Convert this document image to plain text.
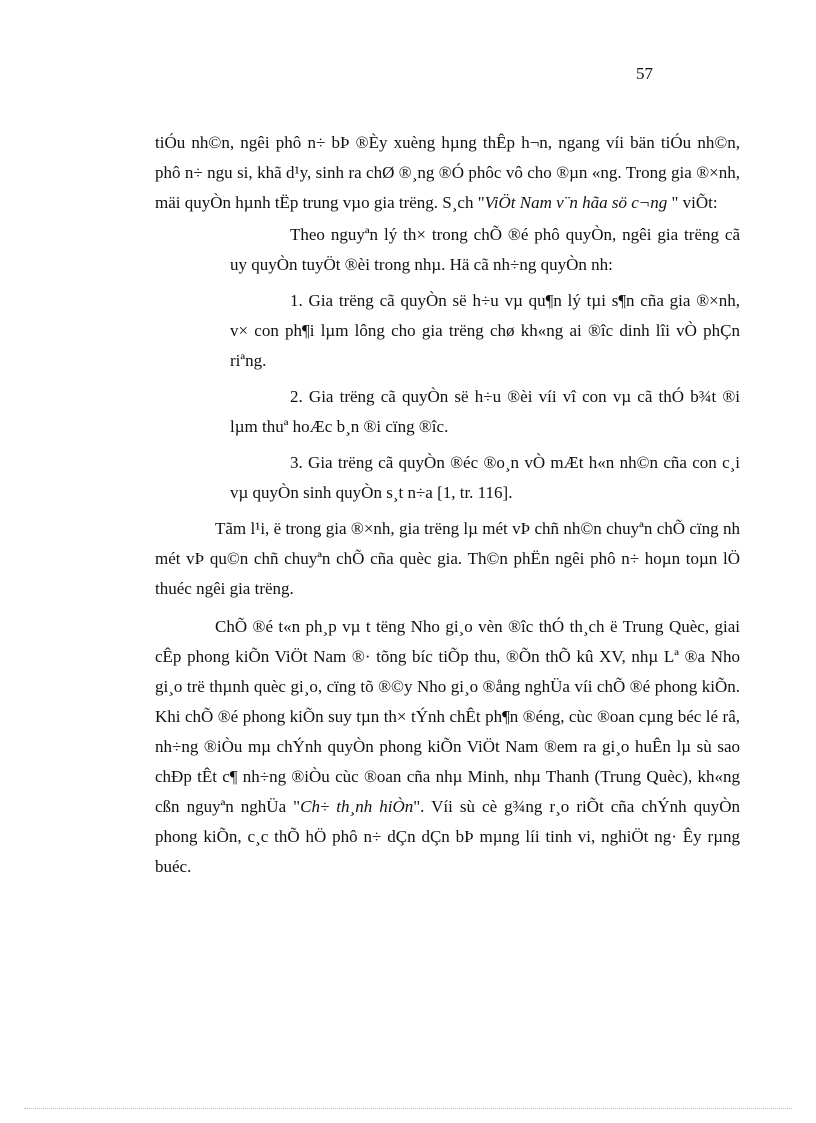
57

tiÓu nh©n, ngêi phô n÷ bÞ ®Èy xuèng hµng thÊp h¬n, ngang víi bän tiÓu nh©n, phô n÷ ngu si, khã d¹y, sinh ra chØ ®¸ng ®Ó phôc vô cho ®µn «ng. Trong gia ®×nh, mäi quyÒn hµnh tËp trung vµo gia trëng. S¸ch "ViÖt Nam v¨n hãa sö c¬ng " viÕt:

Theo nguyªn lý th× trong chÕ ®é phô quyÒn, ngêi gia trëng cã uy quyÒn tuyÖt ®èi trong nhµ. Hä cã nh÷ng quyÒn nh:

1. Gia trëng cã quyÒn së h÷u vµ qu¶n lý tµi s¶n cña gia ®×nh, v× con ph¶i lµm lông cho gia trëng chø kh«ng ai ®îc dinh lîi vÒ phÇn riªng.

2. Gia trëng cã quyÒn së h÷u ®èi víi vî con vµ cã thÓ b¾t ®i lµm thuª hoÆc b¸n ®i cïng ®îc.

3. Gia trëng cã quyÒn ®éc ®o¸n vÒ mÆt h«n nh©n cña con c¸i vµ quyÒn sinh quyÒn s¸t n÷a [1, tr. 116].

Tãm l¹i, ë trong gia ®×nh, gia trëng lµ mét vÞ chñ nh©n chuyªn chÕ cïng nh mét vÞ qu©n chñ chuyªn chÕ cña quèc gia. Th©n phËn ngêi phô n÷ hoµn toµn lÖ thuéc ngêi gia trëng.

ChÕ ®é t«n ph¸p vµ t tëng Nho gi¸o vèn ®îc thÓ th¸ch ë Trung Quèc, giai cÊp phong kiÕn ViÖt Nam ®· tõng bíc tiÕp thu, ®Õn thÕ kû XV, nhµ Lª ®a Nho gi¸o trë thµnh quèc gi¸o, cïng tõ ®©y Nho gi¸o ®ång nghÜa víi chÕ ®é phong kiÕn. Khi chÕ ®é phong kiÕn suy tµn th× tÝnh chÊt ph¶n ®éng, cùc ®oan cµng béc lé râ, nh÷ng ®iÒu mµ chÝnh quyÒn phong kiÕn ViÖt Nam ®em ra gi¸o huÊn lµ sù sao chÐp tÊt c¶ nh÷ng ®iÒu cùc ®oan cña nhµ Minh, nhµ Thanh (Trung Quèc), kh«ng cßn nguyªn nghÜa "Ch÷ th¸nh hiÒn". Víi sù cè g¾ng r¸o riÕt cña chÝnh quyÒn phong kiÕn, c¸c thÕ hÖ phô n÷ dÇn dÇn bÞ mµng líi tinh vi, nghiÖt ng· Êy rµng buéc.
